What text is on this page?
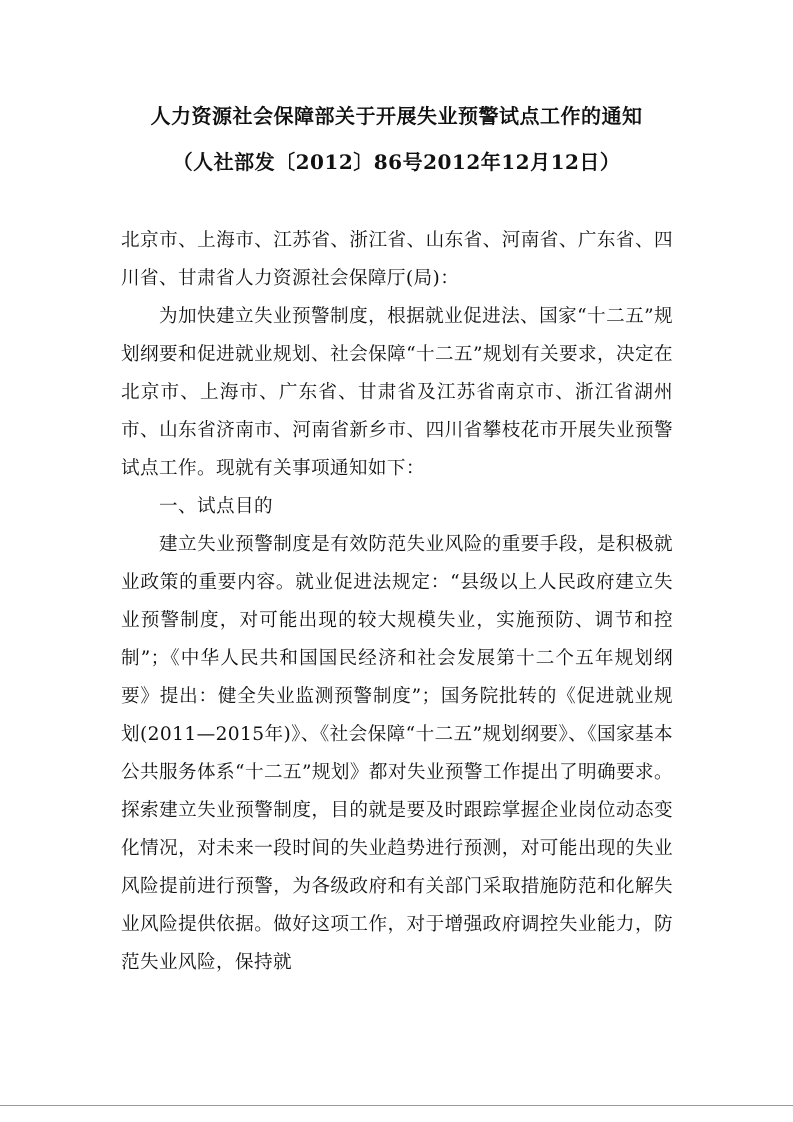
人力资源社会保障部关于开展失业预警试点工作的通知
（人社部发〔2012〕86号2012年12月12日）

北京市、上海市、江苏省、浙江省、山东省、河南省、广东省、四川省、甘肃省人力资源社会保障厅(局)：

为加快建立失业预警制度，根据就业促进法、国家“十二五”规划纲要和促进就业规划、社会保障“十二五”规划有关要求，决定在北京市、上海市、广东省、甘肃省及江苏省南京市、浙江省湖州市、山东省济南市、河南省新乡市、四川省攀枝花市开展失业预警试点工作。现就有关事项通知如下：

一、试点目的

建立失业预警制度是有效防范失业风险的重要手段，是积极就业政策的重要内容。就业促进法规定：“县级以上人民政府建立失业预警制度，对可能出现的较大规模失业，实施预防、调节和控制”；《中华人民共和国国民经济和社会发展第十二个五年规划纲要》提出：健全失业监测预警制度”；国务院批转的《促进就业规划(2011—2015年)》、《社会保障“十二五”规划纲要》、《国家基本公共服务体系“十二五”规划》都对失业预警工作提出了明确要求。探索建立失业预警制度，目的就是要及时跟踪掌握企业岗位动态变化情况，对未来一段时间的失业趋势进行预测，对可能出现的失业风险提前进行预警，为各级政府和有关部门采取措施防范和化解失业风险提供依据。做好这项工作，对于增强政府调控失业能力，防范失业风险，保持就
